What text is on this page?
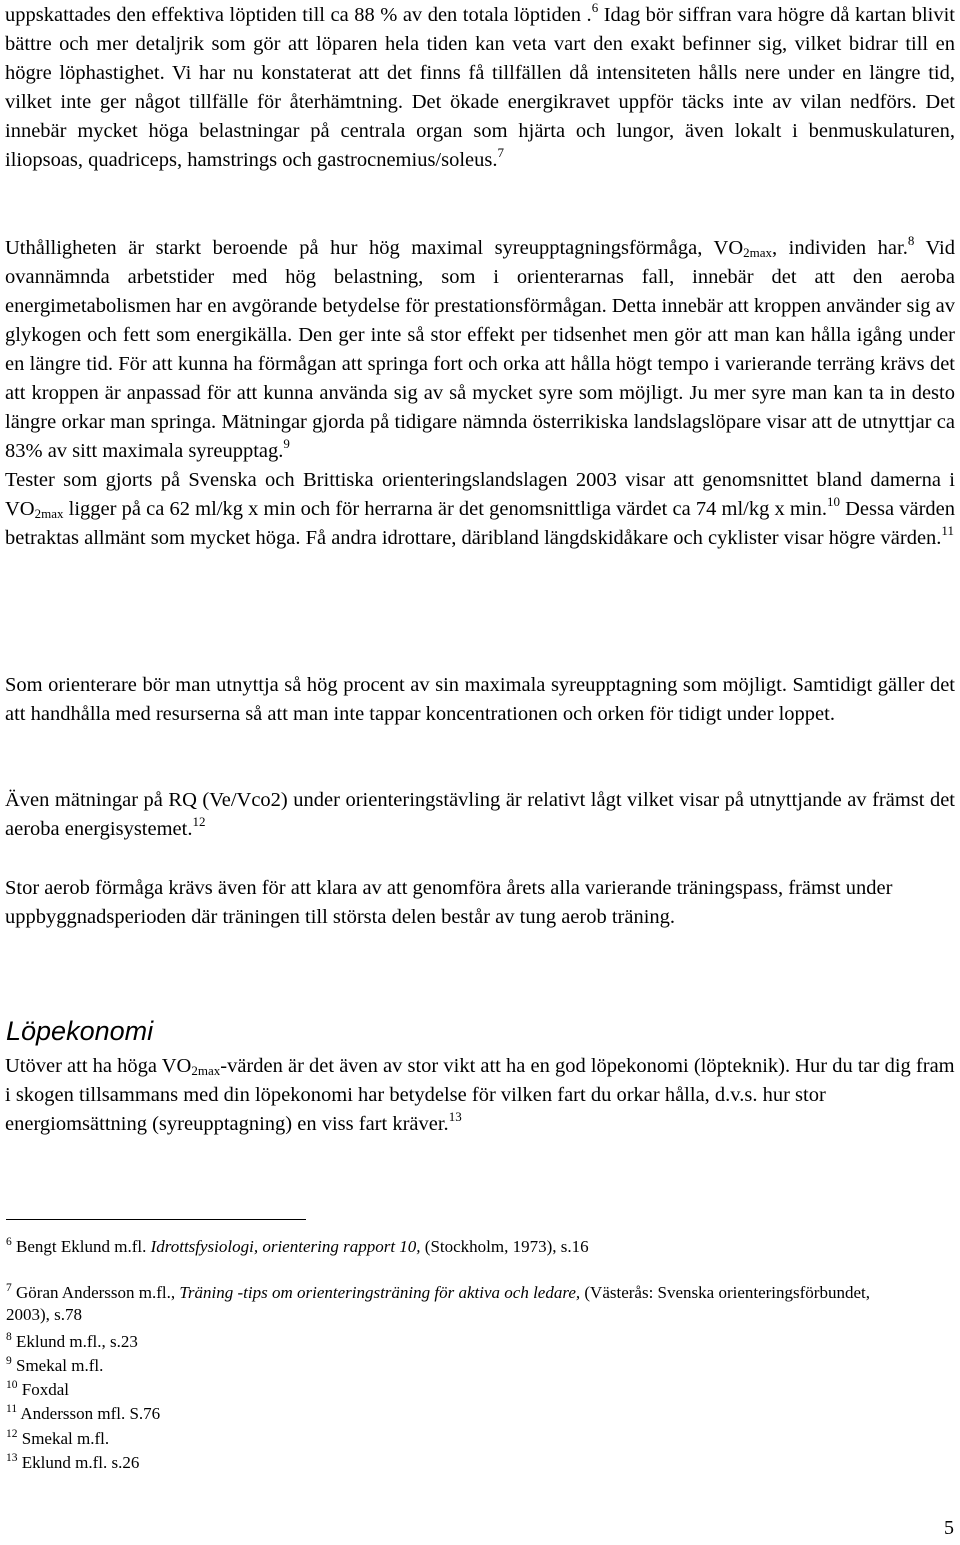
uppskattades den effektiva löptiden till ca 88 % av den totala löptiden .$^6$ Idag bör siffran vara högre då kartan blivit bättre och mer detaljrik som gör att löparen hela tiden kan veta vart den exakt befinner sig, vilket bidrar till en högre löphastighet. Vi har nu konstaterat att det finns få tillfällen då intensiteten hålls nere under en längre tid, vilket inte ger något tillfälle för återhämtning. Det ökade energikravet uppför täcks inte av vilan nedförs. Det innebär mycket höga belastningar på centrala organ som hjärta och lungor, även lokalt i benmuskulaturen, iliopsoas, quadriceps, hamstrings och gastrocnemius/soleus.$^7$

Uthålligheten är starkt beroende på hur hög maximal syreupptagningsförmåga, $VO_{2max}$, individen har.$^8$ Vid ovannämnda arbetstider med hög belastning, som i orienterarnas fall, innebär det att den aeroba energimetabolismen har en avgörande betydelse för prestationsförmågan. Detta innebär att kroppen använder sig av glykogen och fett som energikälla. Den ger inte så stor effekt per tidsenhet men gör att man kan hålla igång under en längre tid. För att kunna ha förmågan att springa fort och orka att hålla högt tempo i varierande terräng krävs det att kroppen är anpassad för att kunna använda sig av så mycket syre som möjligt. Ju mer syre man kan ta in desto längre orkar man springa. Mätningar gjorda på tidigare nämnda österrikiska landslagslöpare visar att de utnyttjar ca 83% av sitt maximala syreupptag.$^9$
Tester som gjorts på Svenska och Brittiska orienteringslandslagen 2003 visar att genomsnittet bland damerna i $VO_{2max}$ ligger på ca 62 ml/kg x min och för herrarna är det genomsnittliga värdet ca 74 ml/kg x min.$^{10}$ Dessa värden betraktas allmänt som mycket höga. Få andra idrottare, däribland längdskidåkare och cyklister visar högre värden.$^{11}$

Som orienterare bör man utnyttja så hög procent av sin maximala syreupptagning som möjligt. Samtidigt gäller det att handhålla med resurserna så att man inte tappar koncentrationen och orken för tidigt under loppet.

Även mätningar på RQ (Ve/Vco2) under orienteringstävling är relativt lågt vilket visar på utnyttjande av främst det aeroba energisystemet.$^{12}$

Stor aerob förmåga krävs även för att klara av att genomföra årets alla varierande träningspass, främst under uppbyggnadsperioden där träningen till största delen består av tung aerob träning.

Löpekonomi

Utöver att ha höga $VO_{2max}$-värden är det även av stor vikt att ha en god löpekonomi (löpteknik). Hur du tar dig fram i skogen tillsammans med din löpekonomi har betydelse för vilken fart du orkar hålla, d.v.s. hur stor energiomsättning (syreupptagning) en viss fart kräver.$^{13}$

$^6$ Bengt Eklund m.fl. Idrottsfysiologi, orientering rapport 10, (Stockholm, 1973), s.16

$^7$ Göran Andersson m.fl., Träning -tips om orienteringsträning för aktiva och ledare, (Västerås: Svenska orienteringsförbundet, 2003), s.78

$^8$ Eklund m.fl., s.23

$^9$ Smekal m.fl.

$^{10}$ Foxdal

$^{11}$ Andersson mfl. S.76

$^{12}$ Smekal m.fl.

$^{13}$ Eklund m.fl. s.26

5
